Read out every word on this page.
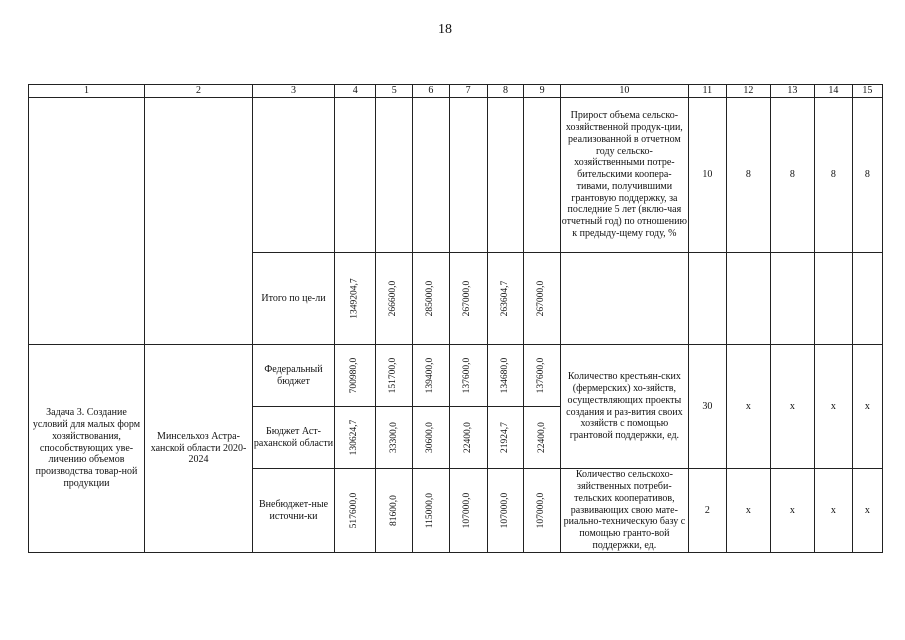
18
1	2	3	4	5	6	7	8	9	10	11	12	13	14	15
									Прирост объема сельско-хозяйственной продук-ции, реализованной в отчетном году сельско-хозяйственными потре-бительскими коопера-тивами, получившими грантовую поддержку, за последние 5 лет (вклю-чая отчетный год) по отношению к предыду-щему году, %	10	8	8	8	8
		Итого по це-ли	1349204,7	266600,0	285000,0	267000,0	263604,7	267000,0						
Задача 3. Создание условий для малых форм хозяйствования, способствующих уве-личению объемов производства товар-ной продукции	Минсельхоз Астра-ханской области 2020-2024	Федеральный бюджет	700980,0	151700,0	139400,0	137600,0	134680,0	137600,0	Количество крестьян-ских (фермерских) хо-зяйств, осуществляющих проекты создания и раз-вития своих хозяйств с помощью грантовой поддержки, ед.	30	x	x	x	x
		Бюджет Аст-раханской области	130624,7	33300,0	30600,0	22400,0	21924,7	22400,0						
		Внебюджет-ные источни-ки	517600,0	81600,0	115000,0	107000,0	107000,0	107000,0	Количество сельскохо-зяйственных потреби-тельских кооперативов, развивающих свою мате-риально-техническую базу с помощью гранто-вой поддержки, ед.	2	x	x	x	x
